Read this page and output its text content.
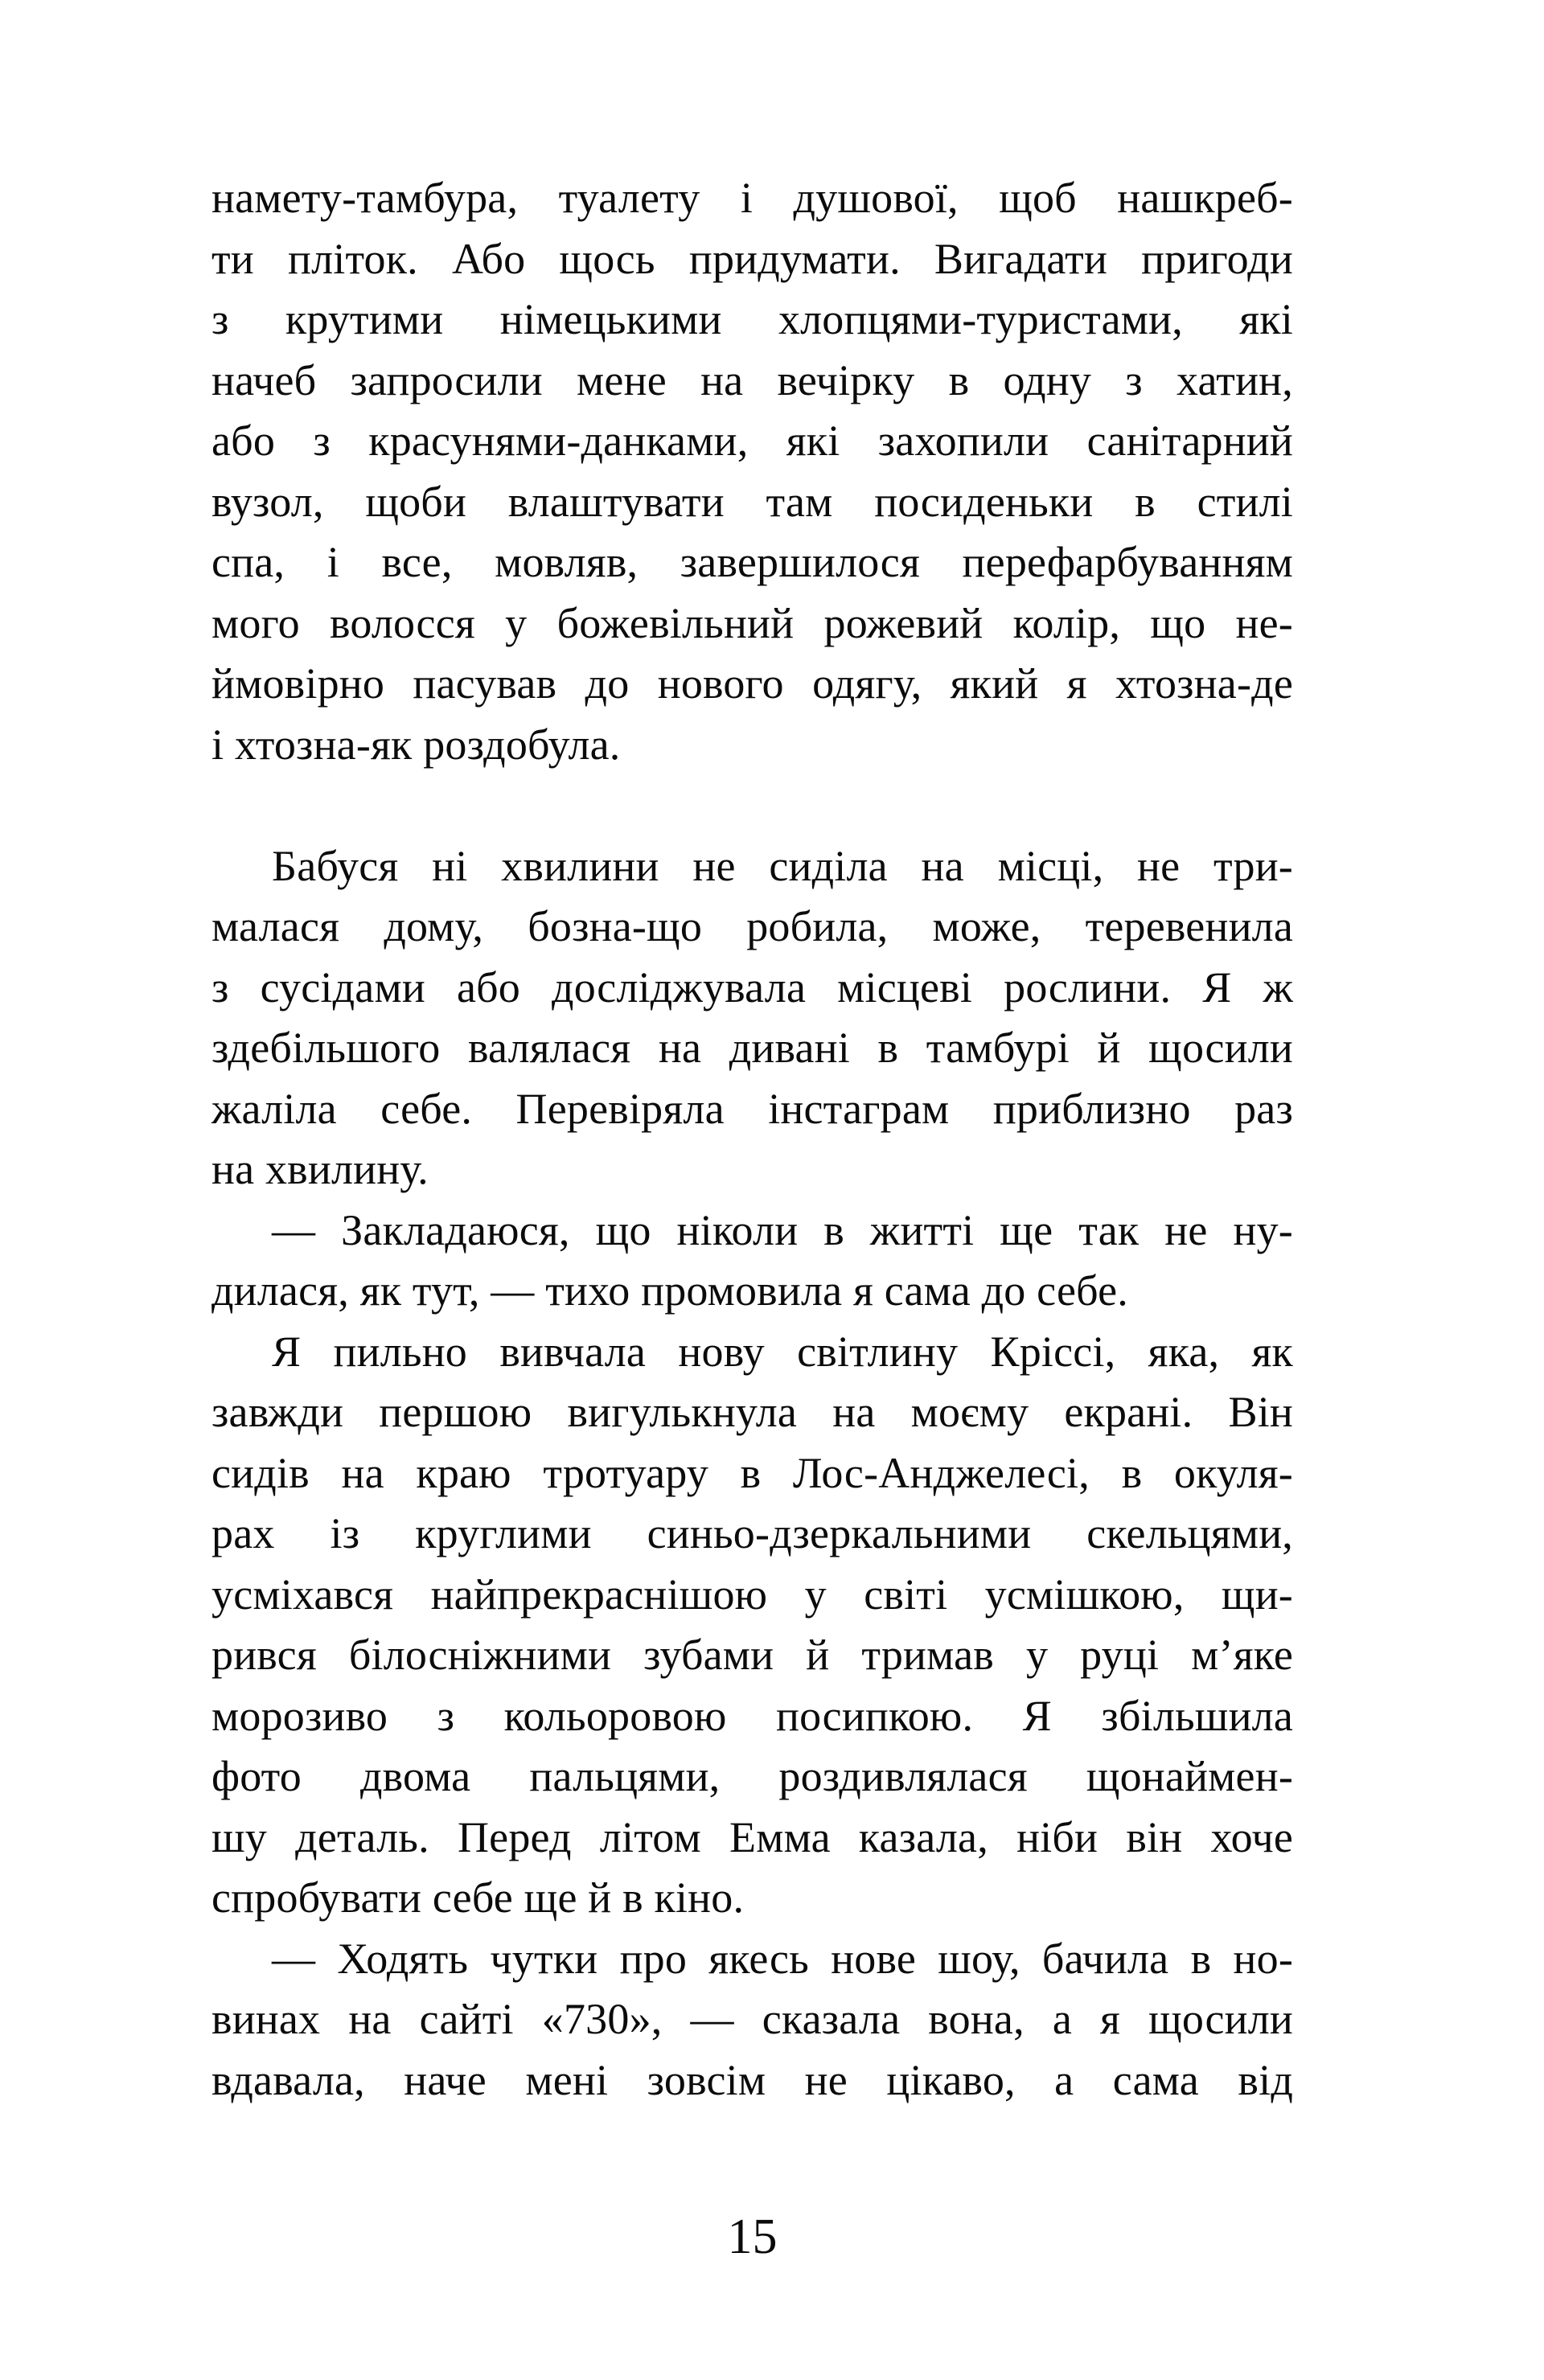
намету-тамбура, туалету і душової, щоб нашкреб-
ти пліток. Або щось придумати. Вигадати пригоди
з крутими німецькими хлопцями-туристами, які
начеб запросили мене на вечірку в одну з хатин,
або з красунями-данками, які захопили санітарний
вузол, щоби влаштувати там посиденьки в стилі
спа, і все, мовляв, завершилося перефарбуванням
мого волосся у божевільний рожевий колір, що не-
ймовірно пасував до нового одягу, який я хтозна-де
і хтозна-як роздобула.
Бабуся ні хвилини не сиділа на місці, не три-
малася дому, бозна-що робила, може, теревенила
з сусідами або досліджувала місцеві рослини. Я ж
здебільшого валялася на дивані в тамбурі й щосили
жаліла себе. Перевіряла інстаграм приблизно раз
на хвилину.
— Закладаюся, що ніколи в житті ще так не ну-
дилася, як тут, — тихо промовила я сама до себе.
Я пильно вивчала нову світлину Кріссі, яка, як
завжди першою вигулькнула на моєму екрані. Він
сидів на краю тротуару в Лос-Анджелесі, в окуля-
рах із круглими синьо-дзеркальними скельцями,
усміхався найпрекраснішою у світі усмішкою, щи-
рився білосніжними зубами й тримав у руці м’яке
морозиво з кольоровою посипкою. Я збільшила
фото двома пальцями, роздивлялася щонаймен-
шу деталь. Перед літом Емма казала, ніби він хоче
спробувати себе ще й в кіно.
— Ходять чутки про якесь нове шоу, бачила в но-
винах на сайті «730», — сказала вона, а я щосили
вдавала, наче мені зовсім не цікаво, а сама від
15
